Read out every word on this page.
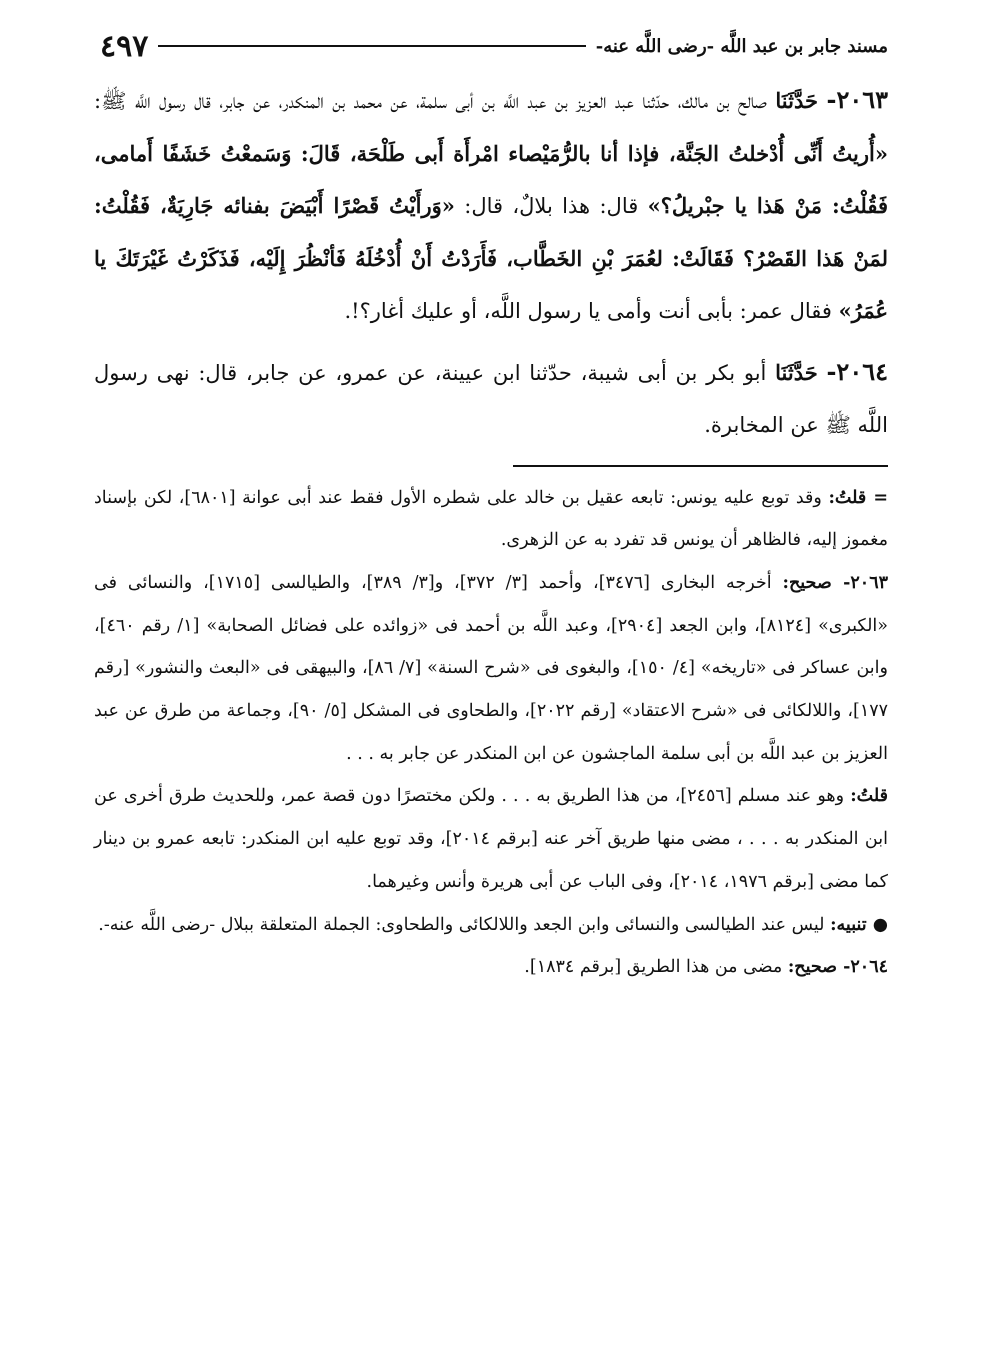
مسند جابر بن عبد اللَّه -رضى اللَّه عنه-
٤٩٧

٢٠٦٣- حَدَّثَنَا صالح بن مالك، حدّثنا عبد العزيز بن عبد اللَّه بن أبى سلمة، عن محمد بن المنكدر، عن جابر، قال رسول اللَّه ﷺ: «أُريتُ أَنِّى أُدْخلتُ الجَنَّة، فإذا أنا بالرُّمَيْصاء امْرأَة أَبى طَلْحَة، قَالَ: وَسَمعْتُ خَشَفًا أَمامى، فَقُلْتُ: مَنْ هَذا يا جبْريلُ؟» قال: هذا بلالٌ، قال: «وَرأَيْتُ قَصْرًا أَبْيَضَ بفنائه جَارِيَةٌ، فَقُلْتُ: لمَنْ هَذا القَصْرُ؟ فَقَالَتْ: لعُمَرَ بْنِ الخَطَّاب، فَأَرَدْتُ أَنْ أُدْخُلَهُ فَأنْظُرَ إِلَيْه، فَذَكَرْتُ غَيْرَتَكَ يا عُمَرُ» فقال عمر: بأبى أنت وأمى يا رسول اللَّه، أو عليك أغار؟!.

٢٠٦٤- حَدَّثَنَا أبو بكر بن أبى شيبة، حدّثنا ابن عيينة، عن عمرو، عن جابر، قال: نهى رسول اللَّه ﷺ عن المخابرة.

= قلتُ: وقد توبع عليه يونس: تابعه عقيل بن خالد على شطره الأول فقط عند أبى عوانة [٦٨٠١]، لكن بإسناد مغموز إليه، فالظاهر أن يونس قد تفرد به عن الزهرى.

٢٠٦٣- صحيح: أخرجه البخارى [٣٤٧٦]، وأحمد [٣/ ٣٧٢]، و[٣/ ٣٨٩]، والطيالسى [١٧١٥]، والنسائى فى «الكبرى» [٨١٢٤]، وابن الجعد [٢٩٠٤]، وعبد اللَّه بن أحمد فى «زوائده على فضائل الصحابة» [١/ رقم ٤٦٠]، وابن عساكر فى «تاريخه» [٤/ ١٥٠]، والبغوى فى «شرح السنة» [٧/ ٨٦]، والبيهقى فى «البعث والنشور» [رقم ١٧٧]، واللالكائى فى «شرح الاعتقاد» [رقم ٢٠٢٢]، والطحاوى فى المشكل [٥/ ٩٠]، وجماعة من طرق عن عبد العزيز بن عبد اللَّه بن أبى سلمة الماجشون عن ابن المنكدر عن جابر به . . .

قلتُ: وهو عند مسلم [٢٤٥٦]، من هذا الطريق به . . . ولكن مختصرًا دون قصة عمر، وللحديث طرق أخرى عن ابن المنكدر به . . . ، مضى منها طريق آخر عنه [برقم ٢٠١٤]، وقد توبع عليه ابن المنكدر: تابعه عمرو بن دينار كما مضى [برقم ١٩٧٦، ٢٠١٤]، وفى الباب عن أبى هريرة وأنس وغيرهما.

● تنبيه: ليس عند الطيالسى والنسائى وابن الجعد واللالكائى والطحاوى: الجملة المتعلقة ببلال -رضى اللَّه عنه-.

٢٠٦٤- صحيح: مضى من هذا الطريق [برقم ١٨٣٤].
